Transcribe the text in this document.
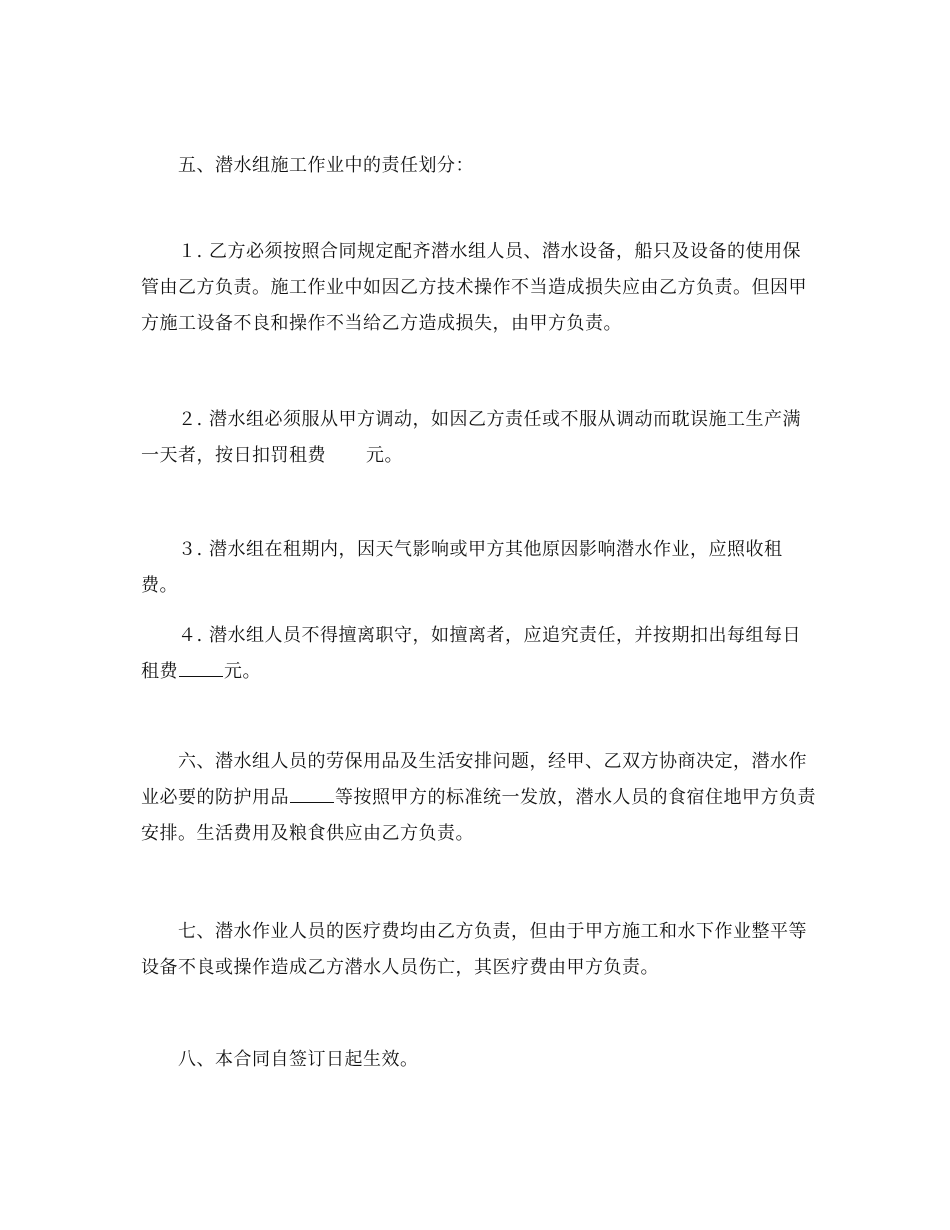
五、潜水组施工作业中的责任划分：

１. 乙方必须按照合同规定配齐潜水组人员、潜水设备，船只及设备的使用保管由乙方负责。施工作业中如因乙方技术操作不当造成损失应由乙方负责。但因甲方施工设备不良和操作不当给乙方造成损失，由甲方负责。

２. 潜水组必须服从甲方调动，如因乙方责任或不服从调动而耽误施工生产满一天者，按日扣罚租费 元。

３. 潜水组在租期内，因天气影响或甲方其他原因影响潜水作业，应照收租费。

４. 潜水组人员不得擅离职守，如擅离者，应追究责任，并按期扣出每组每日租费	元。

六、潜水组人员的劳保用品及生活安排问题，经甲、乙双方协商决定，潜水作业必要的防护用品	等按照甲方的标准统一发放，潜水人员的食宿住地甲方负责安排。生活费用及粮食供应由乙方负责。

七、潜水作业人员的医疗费均由乙方负责，但由于甲方施工和水下作业整平等设备不良或操作造成乙方潜水人员伤亡，其医疗费由甲方负责。

八、本合同自签订日起生效。
